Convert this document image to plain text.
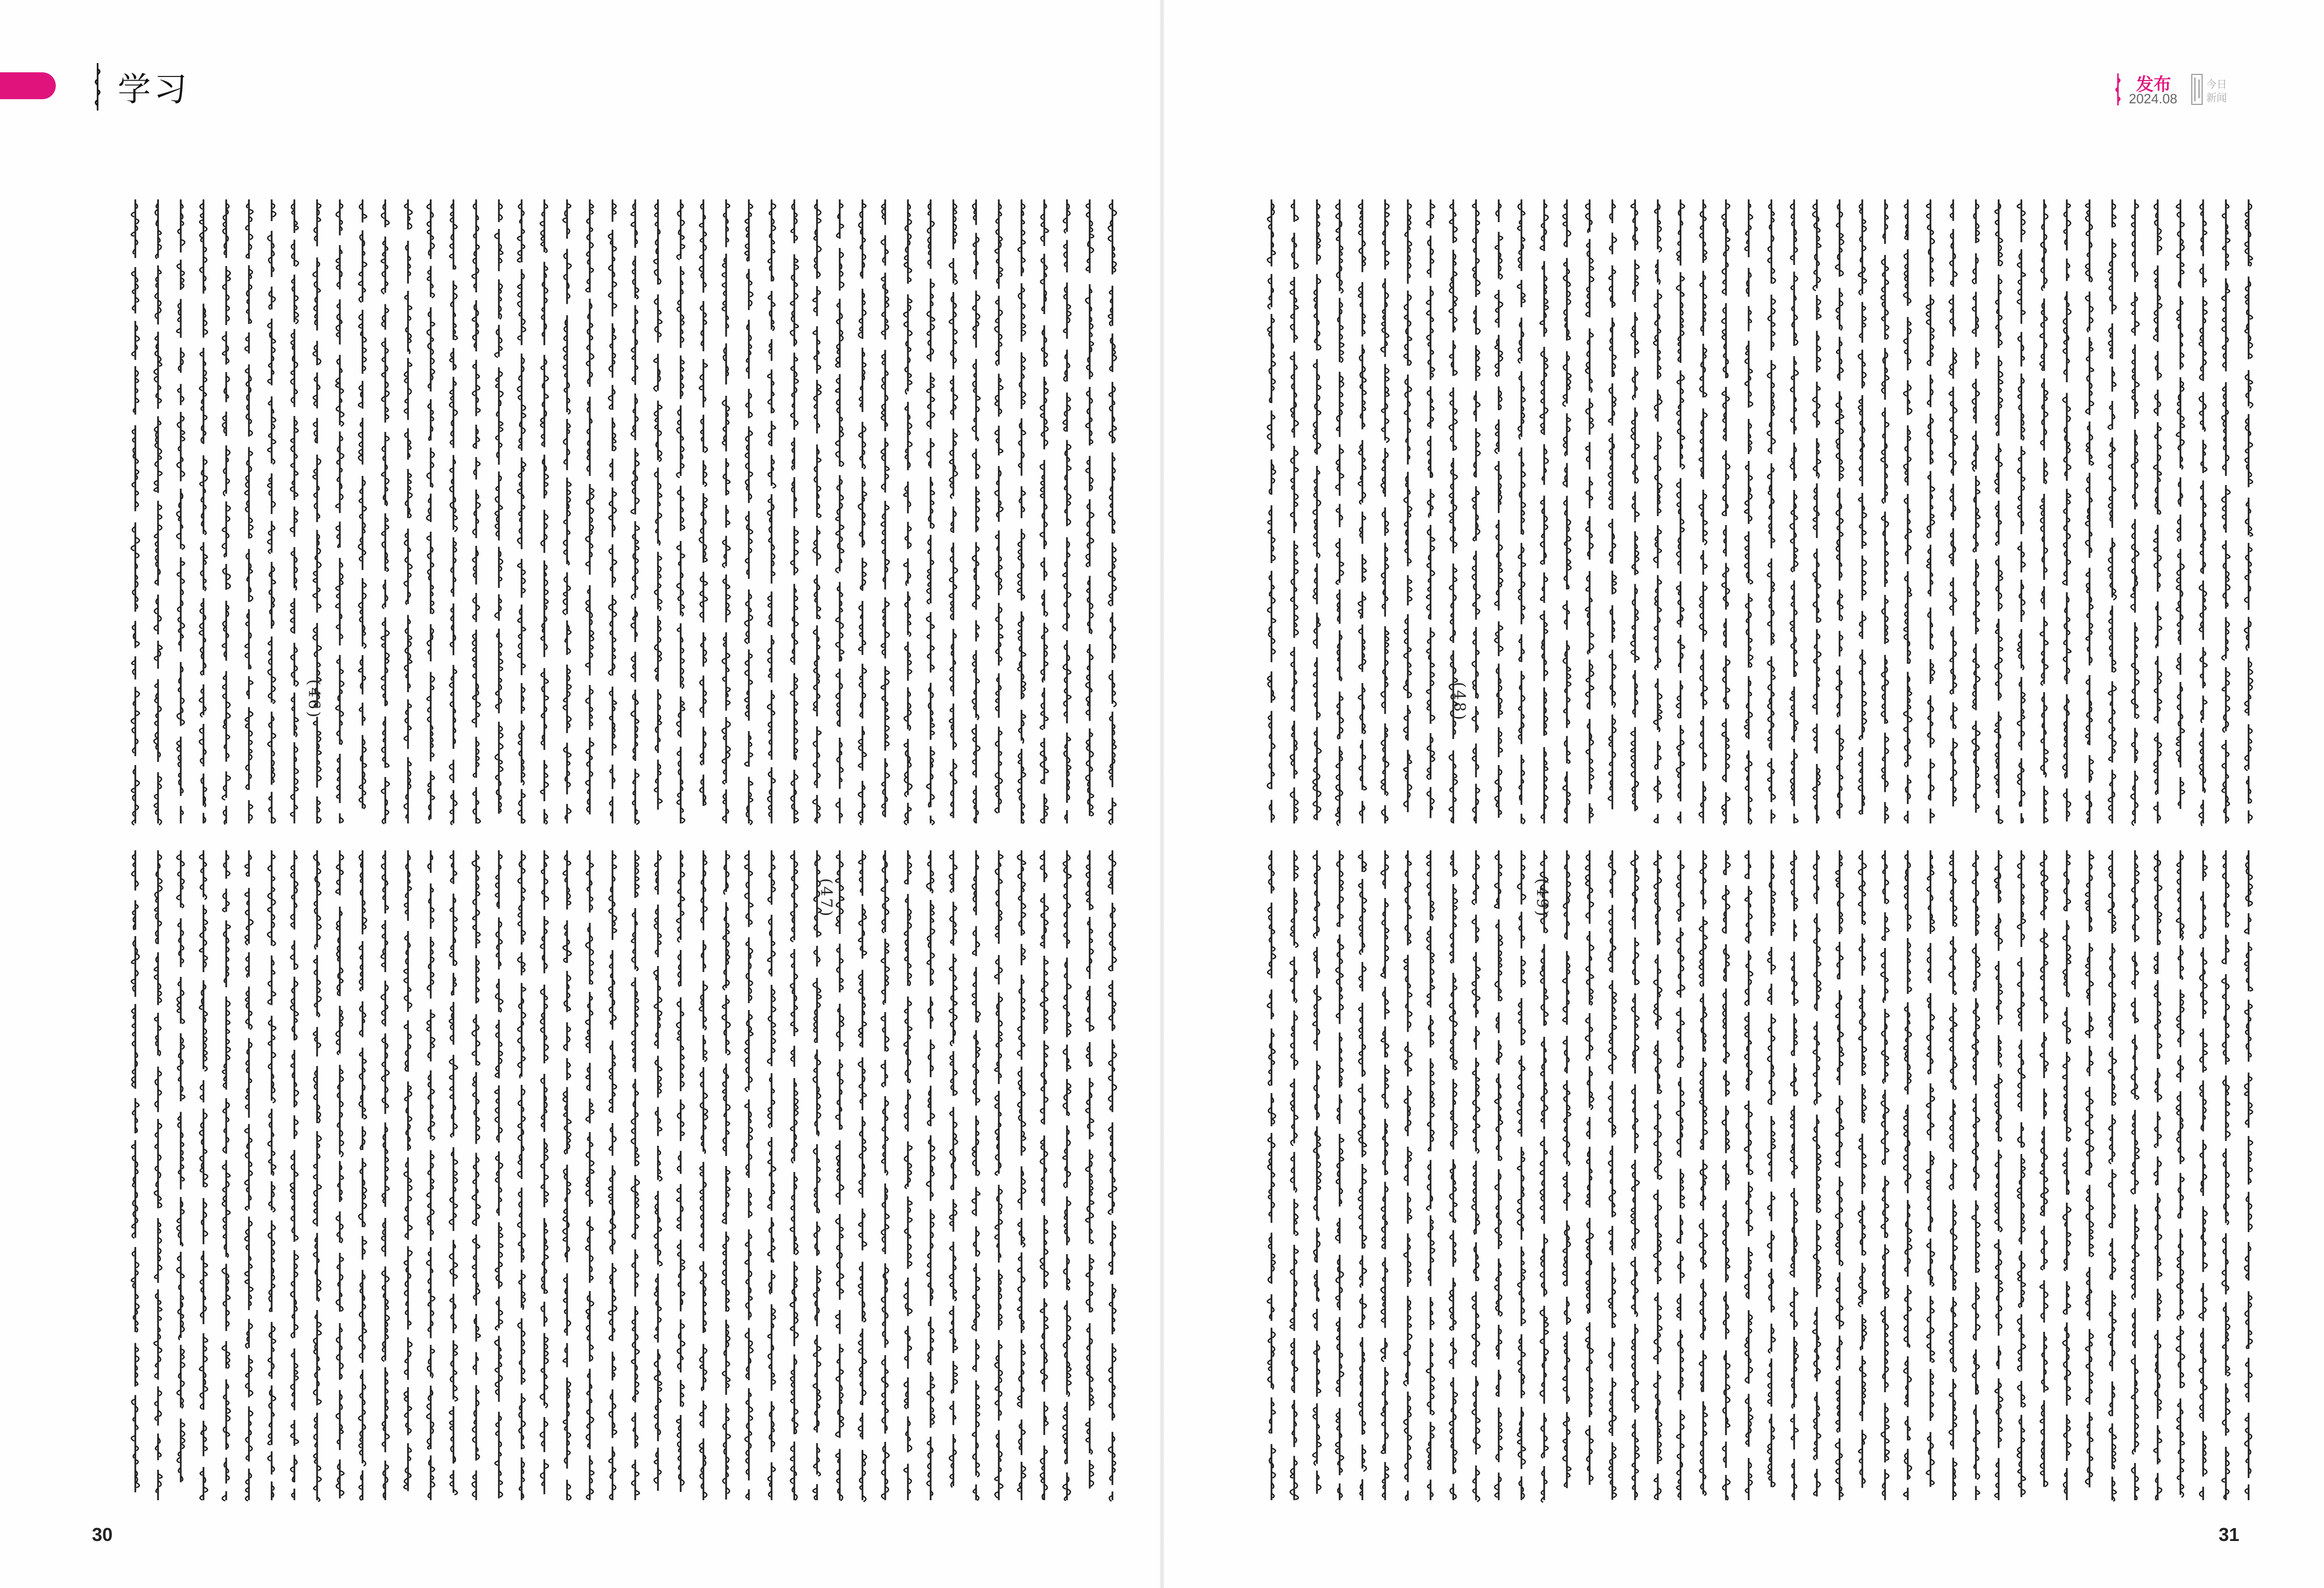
学习	发布
2024.08
今日
新闻
(46)
(47)
(48)
(49)
30	31
